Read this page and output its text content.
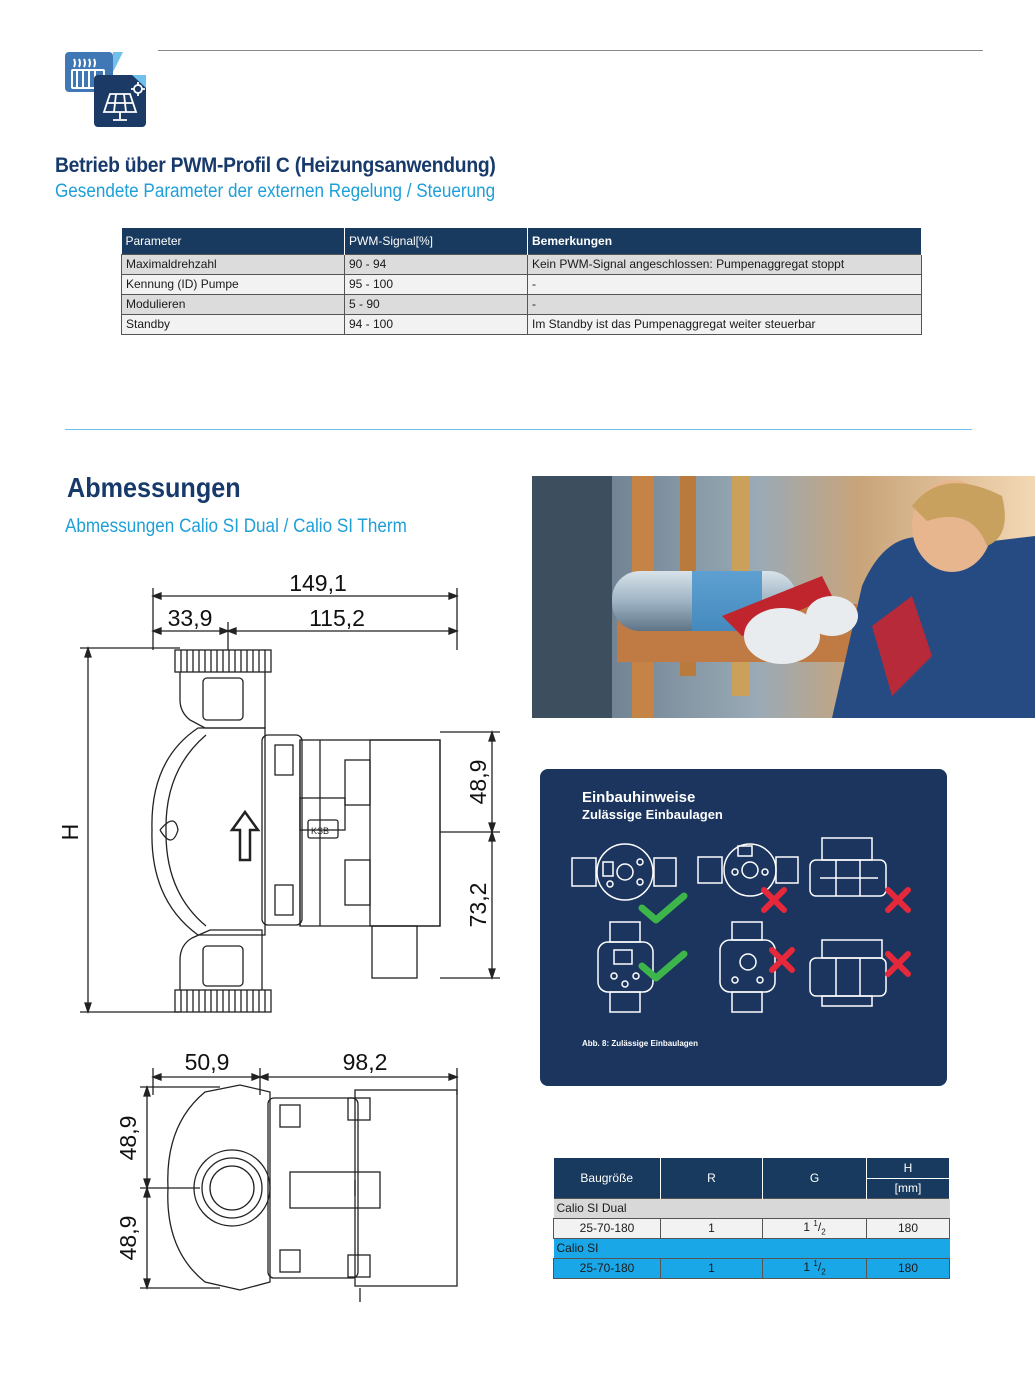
Betrieb über PWM-Profil C (Heizungsanwendung)
Gesendete Parameter der externen Regelung / Steuerung
Parameter	PWM-Signal[%]	Bemerkungen
Maximaldrehzahl	90 - 94	Kein PWM-Signal angeschlossen: Pumpenaggregat stoppt
Kennung (ID) Pumpe	95 - 100	-
Modulieren	5 - 90	-
Standby	94 - 100	Im Standby ist das Pumpenaggregat weiter steuerbar
Abmessungen
Abmessungen Calio SI Dual / Calio SI Therm
KSB
149,1
33,9	115,2
H
48,9
73,2
50,9	98,2
48,9
48,9
Einbauhinweise
Zulässige Einbaulagen
Abb. 8: Zulässige Einbaulagen
Baugröße	R	G	H
			[mm]
Calio SI Dual			
25-70-180	1	1 $^1/_2$	180
Calio SI			
25-70-180	1	1 $^1/_2$	180
